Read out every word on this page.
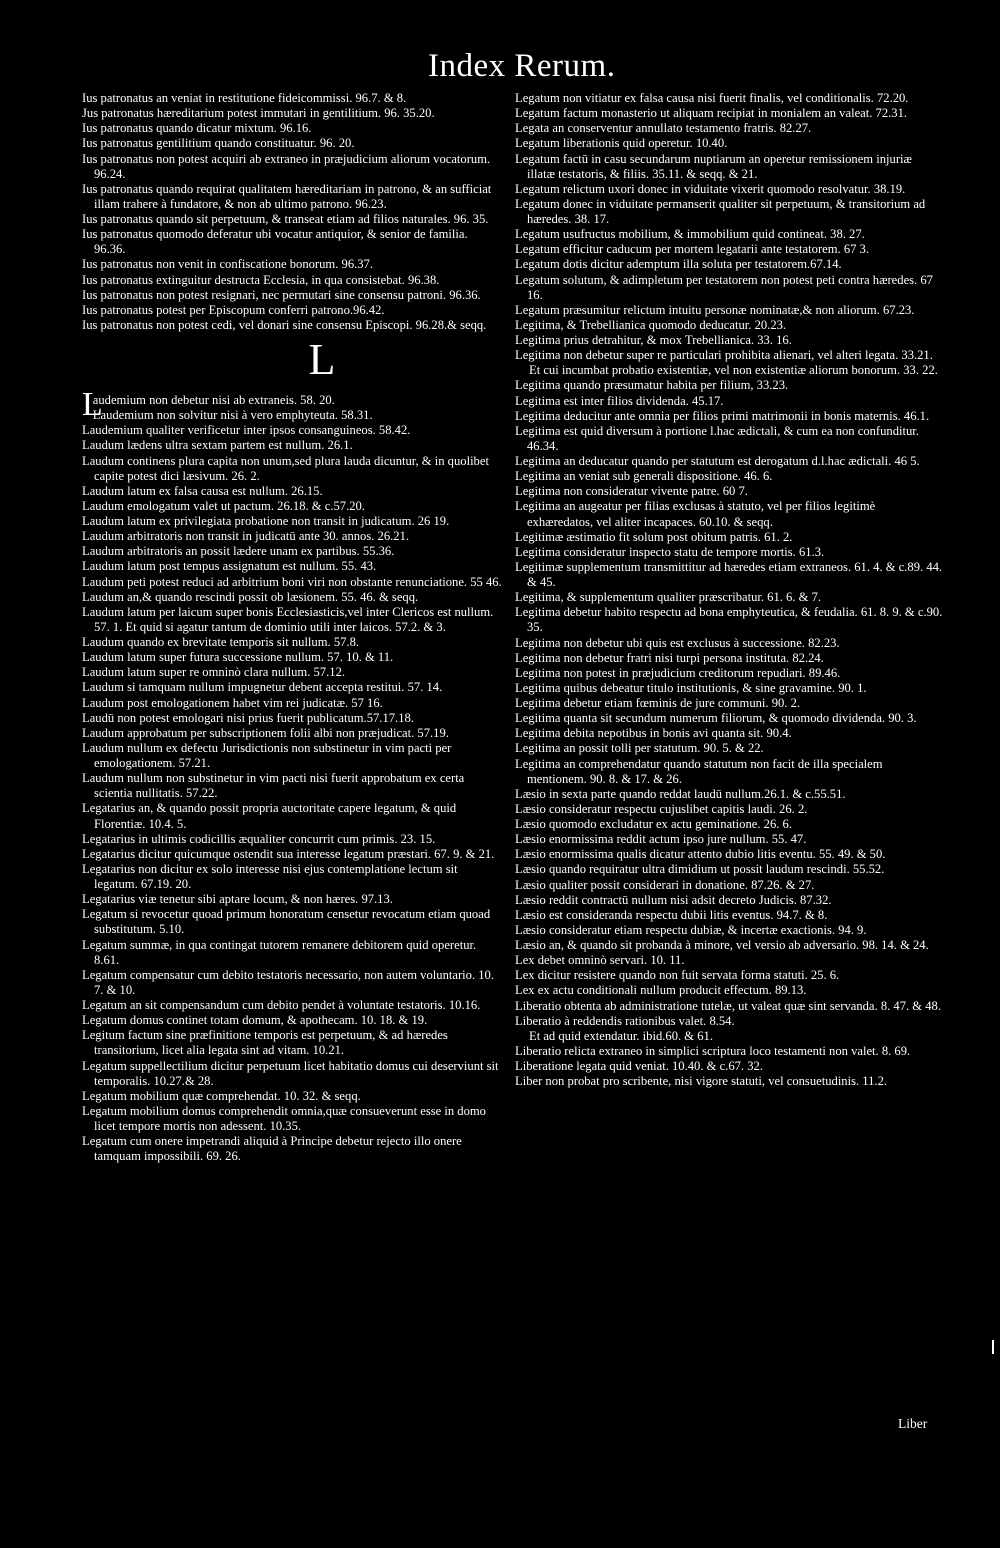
Index Rerum.

Ius patronatus an veniat in restitutione fideicommissi. 96.7. & 8.

Jus patronatus hæreditarium potest immutari in gentilitium. 96. 35.20.

Ius patronatus quando dicatur mixtum. 96.16.

Ius patronatus gentilitium quando constituatur. 96. 20.

Ius patronatus non potest acquiri ab extraneo in præjudicium aliorum vocatorum. 96.24.

Ius patronatus quando requirat qualitatem hæreditariam in patrono, & an sufficiat illam trahere à fundatore, & non ab ultimo patrono. 96.23.

Ius patronatus quando sit perpetuum, & transeat etiam ad filios naturales. 96. 35.

Ius patronatus quomodo deferatur ubi vocatur antiquior, & senior de familia. 96.36.

Ius patronatus non venit in confiscatione bonorum. 96.37.

Ius patronatus extinguitur destructa Ecclesia, in qua consistebat. 96.38.

Ius patronatus non potest resignari, nec permutari sine consensu patroni. 96.36.

Ius patronatus potest per Episcopum conferri patrono.96.42.

Ius patronatus non potest cedi, vel donari sine consensu Episcopi. 96.28.& seqq.

L

Laudemium non debetur nisi ab extraneis. 58. 20.

Laudemium non solvitur nisi à vero emphyteuta. 58.31.

Laudemium qualiter verificetur inter ipsos consanguineos. 58.42.

Laudum lædens ultra sextam partem est nullum. 26.1.

Laudum continens plura capita non unum,sed plura lauda dicuntur, & in quolibet capite potest dici læsivum. 26. 2.

Laudum latum ex falsa causa est nullum. 26.15.

Laudum emologatum valet ut pactum. 26.18. & c.57.20.

Laudum latum ex privilegiata probatione non transit in judicatum. 26 19.

Laudum arbitratoris non transit in judicatū ante 30. annos. 26.21.

Laudum arbitratoris an possit lædere unam ex partibus. 55.36.

Laudum latum post tempus assignatum est nullum. 55. 43.

Laudum peti potest reduci ad arbitrium boni viri non obstante renunciatione. 55 46.

Laudum an,& quando rescindi possit ob læsionem. 55. 46. & seqq.

Laudum latum per laicum super bonis Ecclesiasticis,vel inter Clericos est nullum. 57. 1. Et quid si agatur tantum de dominio utili inter laicos. 57.2. & 3.

Laudum quando ex brevitate temporis sit nullum. 57.8.

Laudum latum super futura successione nullum. 57. 10. & 11.

Laudum latum super re omninò clara nullum. 57.12.

Laudum si tamquam nullum impugnetur debent accepta restitui. 57. 14.

Laudum post emologationem habet vim rei judicatæ. 57 16.

Laudū non potest emologari nisi prius fuerit publicatum.57.17.18.

Laudum approbatum per subscriptionem folii albi non præjudicat. 57.19.

Laudum nullum ex defectu Jurisdictionis non substinetur in vim pacti per emologationem. 57.21.

Laudum nullum non substinetur in vim pacti nisi fuerit approbatum ex certa scientia nullitatis. 57.22.

Legatarius an, & quando possit propria auctoritate capere legatum, & quid Florentiæ. 10.4. 5.

Legatarius in ultimis codicillis æqualiter concurrit cum primis. 23. 15.

Legatarius dicitur quicumque ostendit sua interesse legatum præstari. 67. 9. & 21.

Legatarius non dicitur ex solo interesse nisi ejus contemplatione lectum sit legatum. 67.19. 20.

Legatarius viæ tenetur sibi aptare locum, & non hæres. 97.13.

Legatum si revocetur quoad primum honoratum censetur revocatum etiam quoad substitutum. 5.10.

Legatum summæ, in qua contingat tutorem remanere debitorem quid operetur. 8.61.

Legatum compensatur cum debito testatoris necessario, non autem voluntario. 10. 7. & 10.

Legatum an sit compensandum cum debito pendet à voluntate testatoris. 10.16.

Legatum domus continet totam domum, & apothecam. 10. 18. & 19.

Legitum factum sine præfinitione temporis est perpetuum, & ad hæredes transitorium, licet alia legata sint ad vitam. 10.21.

Legatum suppellectilium dicitur perpetuum licet habitatio domus cui deserviunt sit temporalis. 10.27.& 28.

Legatum mobilium quæ comprehendat. 10. 32. & seqq.

Legatum mobilium domus comprehendit omnia,quæ consueverunt esse in domo licet tempore mortis non adessent. 10.35.

Legatum cum onere impetrandi aliquid à Principe debetur rejecto illo onere tamquam impossibili. 69. 26.

Legatum non vitiatur ex falsa causa nisi fuerit finalis, vel conditionalis. 72.20.

Legatum factum monasterio ut aliquam recipiat in monialem an valeat. 72.31.

Legata an conserventur annullato testamento fratris. 82.27.

Legatum liberationis quid operetur. 10.40.

Legatum factū in casu secundarum nuptiarum an operetur remissionem injuriæ illatæ testatoris, & filiis. 35.11. & seqq. & 21.

Legatum relictum uxori donec in viduitate vixerit quomodo resolvatur. 38.19.

Legatum donec in viduitate permanserit qualiter sit perpetuum, & transitorium ad hæredes. 38. 17.

Legatum usufructus mobilium, & immobilium quid contineat. 38. 27.

Legatum efficitur caducum per mortem legatarii ante testatorem. 67 3.

Legatum dotis dicitur ademptum illa soluta per testatorem.67.14.

Legatum solutum, & adimpletum per testatorem non potest peti contra hæredes. 67 16.

Legatum præsumitur relictum intuitu personæ nominatæ,& non aliorum. 67.23.

Legitima, & Trebellianica quomodo deducatur. 20.23.

Legitima prius detrahitur, & mox Trebellianica. 33. 16.

Legitima non debetur super re particulari prohibita alienari, vel alteri legata. 33.21.

Et cui incumbat probatio existentiæ, vel non existentiæ aliorum bonorum. 33. 22.

Legitima quando præsumatur habita per filium, 33.23.

Legitima est inter filios dividenda. 45.17.

Legitima deducitur ante omnia per filios primi matrimonii in bonis maternis. 46.1.

Legitima est quid diversum à portione l.hac ædictali, & cum ea non confunditur. 46.34.

Legitima an deducatur quando per statutum est derogatum d.l.hac ædictali. 46 5.

Legitima an veniat sub generali dispositione. 46. 6.

Legitima non consideratur vivente patre. 60 7.

Legitima an augeatur per filias exclusas à statuto, vel per filios legitimè exhæredatos, vel aliter incapaces. 60.10. & seqq.

Legitimæ æstimatio fit solum post obitum patris. 61. 2.

Legitima consideratur inspecto statu de tempore mortis. 61.3.

Legitimæ supplementum transmittitur ad hæredes etiam extraneos. 61. 4. & c.89. 44. & 45.

Legitima, & supplementum qualiter præscribatur. 61. 6. & 7.

Legitima debetur habito respectu ad bona emphyteutica, & feudalia. 61. 8. 9. & c.90. 35.

Legitima non debetur ubi quis est exclusus à successione. 82.23.

Legitima non debetur fratri nisi turpi persona instituta. 82.24.

Legitima non potest in præjudicium creditorum repudiari. 89.46.

Legitima quibus debeatur titulo institutionis, & sine gravamine. 90. 1.

Legitima debetur etiam fœminis de jure communi. 90. 2.

Legitima quanta sit secundum numerum filiorum, & quomodo dividenda. 90. 3.

Legitima debita nepotibus in bonis avi quanta sit. 90.4.

Legitima an possit tolli per statutum. 90. 5. & 22.

Legitima an comprehendatur quando statutum non facit de illa specialem mentionem. 90. 8. & 17. & 26.

Læsio in sexta parte quando reddat laudū nullum.26.1. & c.55.51.

Læsio consideratur respectu cujuslibet capitis laudi. 26. 2.

Læsio quomodo excludatur ex actu geminatione. 26. 6.

Læsio enormissima reddit actum ipso jure nullum. 55. 47.

Læsio enormissima qualis dicatur attento dubio litis eventu. 55. 49. & 50.

Læsio quando requiratur ultra dimidium ut possit laudum rescindi. 55.52.

Læsio qualiter possit considerari in donatione. 87.26. & 27.

Læsio reddit contractū nullum nisi adsit decreto Judicis. 87.32.

Læsio est consideranda respectu dubii litis eventus. 94.7. & 8.

Læsio consideratur etiam respectu dubiæ, & incertæ exactionis. 94. 9.

Læsio an, & quando sit probanda à minore, vel versio ab adversario. 98. 14. & 24.

Lex debet omninò servari. 10. 11.

Lex dicitur resistere quando non fuit servata forma statuti. 25. 6.

Lex ex actu conditionali nullum producit effectum. 89.13.

Liberatio obtenta ab administratione tutelæ, ut valeat quæ sint servanda. 8. 47. & 48.

Liberatio à reddendis rationibus valet. 8.54.

Et ad quid extendatur. ibid.60. & 61.

Liberatio relicta extraneo in simplici scriptura loco testamenti non valet. 8. 69.

Liberatione legata quid veniat. 10.40. & c.67. 32.

Liber non probat pro scribente, nisi vigore statuti, vel consuetudinis. 11.2.

Liber
